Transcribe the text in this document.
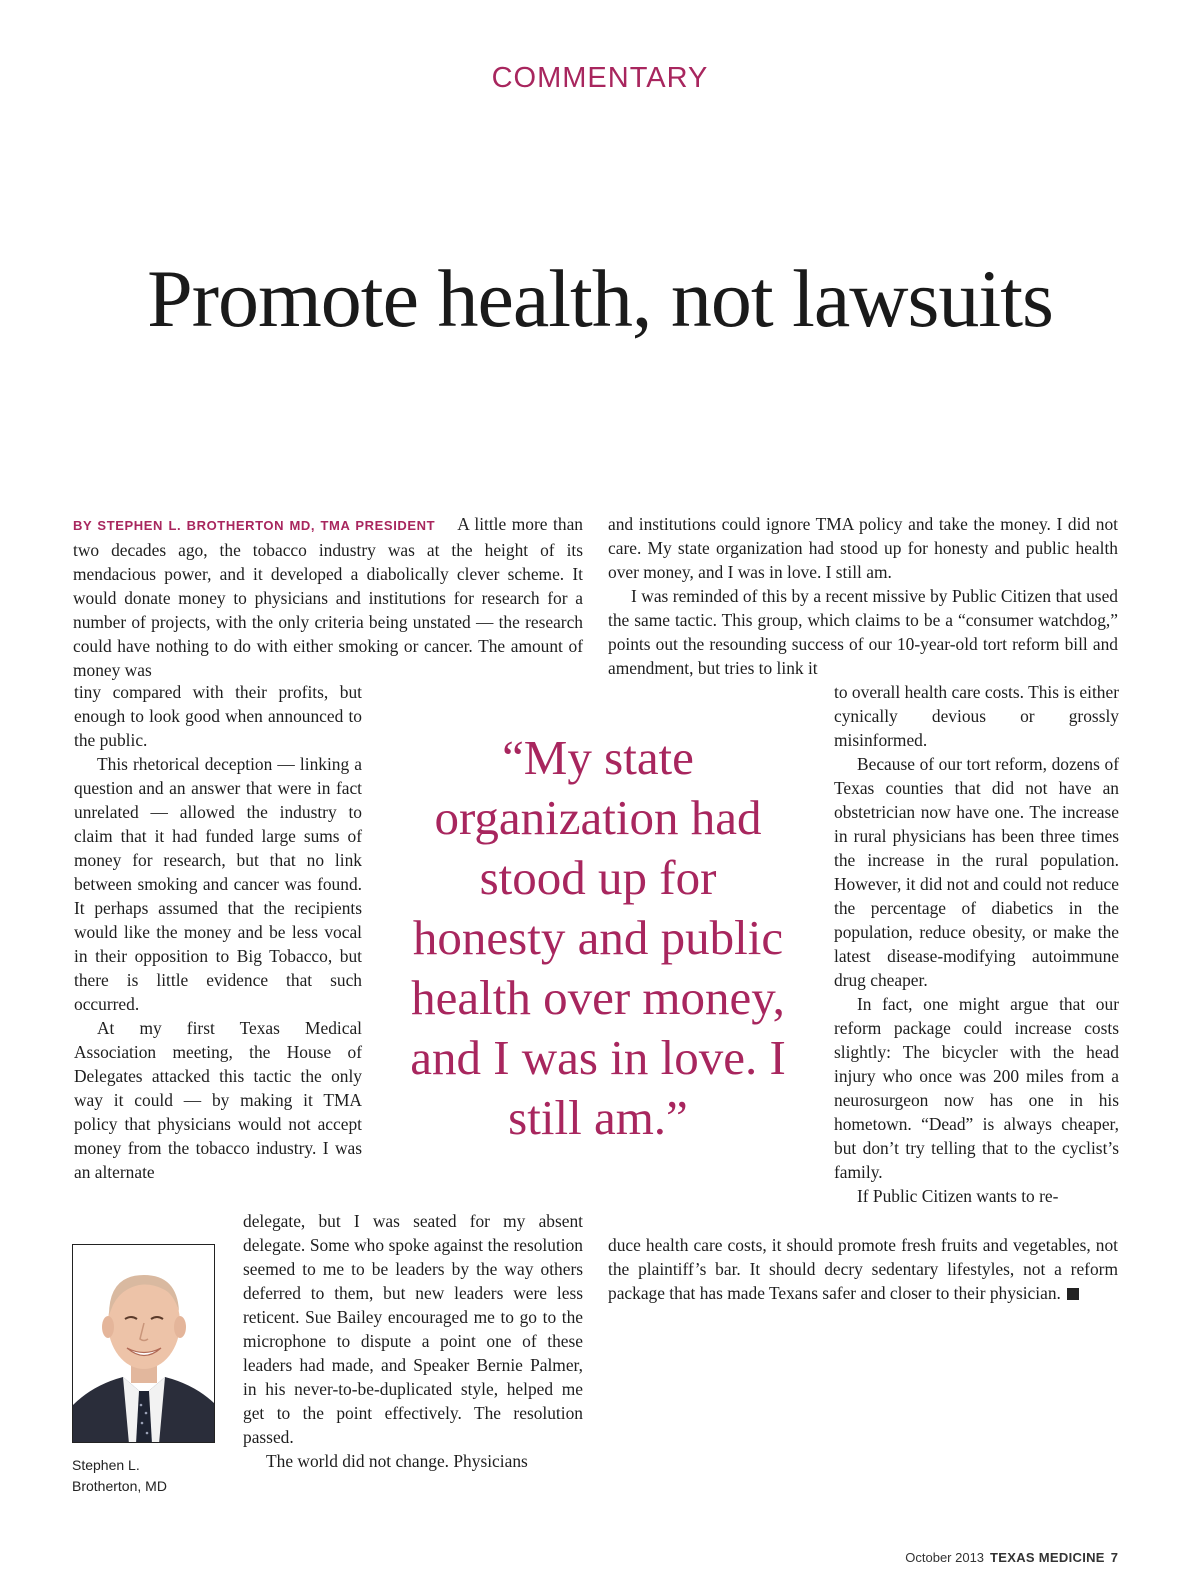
COMMENTARY
Promote health, not lawsuits

BY STEPHEN L. BROTHERTON MD, TMA PRESIDENT A little more than two decades ago, the tobacco industry was at the height of its mendacious power, and it developed a diabolically clever scheme. It would donate money to physicians and institutions for research for a number of projects, with the only criteria being unstated — the research could have nothing to do with either smoking or cancer. The amount of money was

and institutions could ignore TMA policy and take the money. I did not care. My state organization had stood up for honesty and public health over money, and I was in love. I still am.

I was reminded of this by a recent missive by Public Citizen that used the same tactic. This group, which claims to be a “consumer watchdog,” points out the resounding success of our 10-year-old tort reform bill and amendment, but tries to link it

tiny compared with their profits, but enough to look good when announced to the public.

This rhetorical deception — linking a question and an answer that were in fact unrelated — allowed the industry to claim that it had funded large sums of money for research, but that no link between smoking and cancer was found. It perhaps assumed that the recipients would like the money and be less vocal in their opposition to Big Tobacco, but there is little evidence that such occurred.

At my first Texas Medical Association meeting, the House of Delegates attacked this tactic the only way it could — by making it TMA policy that physicians would not accept money from the tobacco industry. I was an alternate

“My state organization had stood up for honesty and public health over money, and I was in love. I still am.”

to overall health care costs. This is either cynically devious or grossly misinformed.

Because of our tort reform, dozens of Texas counties that did not have an obstetrician now have one. The increase in rural physicians has been three times the increase in the rural population. However, it did not and could not reduce the percentage of diabetics in the population, reduce obesity, or make the latest disease-modifying autoimmune drug cheaper.

In fact, one might argue that our reform package could increase costs slightly: The bicycler with the head injury who once was 200 miles from a neurosurgeon now has one in his hometown. “Dead” is always cheaper, but don’t try telling that to the cyclist’s family.

If Public Citizen wants to re-

delegate, but I was seated for my absent delegate. Some who spoke against the resolution seemed to me to be leaders by the way others deferred to them, but new leaders were less reticent. Sue Bailey encouraged me to go to the microphone to dispute a point one of these leaders had made, and Speaker Bernie Palmer, in his never-to-be-duplicated style, helped me get to the point effectively. The resolution passed.

The world did not change. Physicians

duce health care costs, it should promote fresh fruits and vegetables, not the plaintiff’s bar. It should decry sedentary lifestyles, not a reform package that has made Texans safer and closer to their physician.

Stephen L.
Brotherton, MD
October 2013 TEXAS MEDICINE 7
